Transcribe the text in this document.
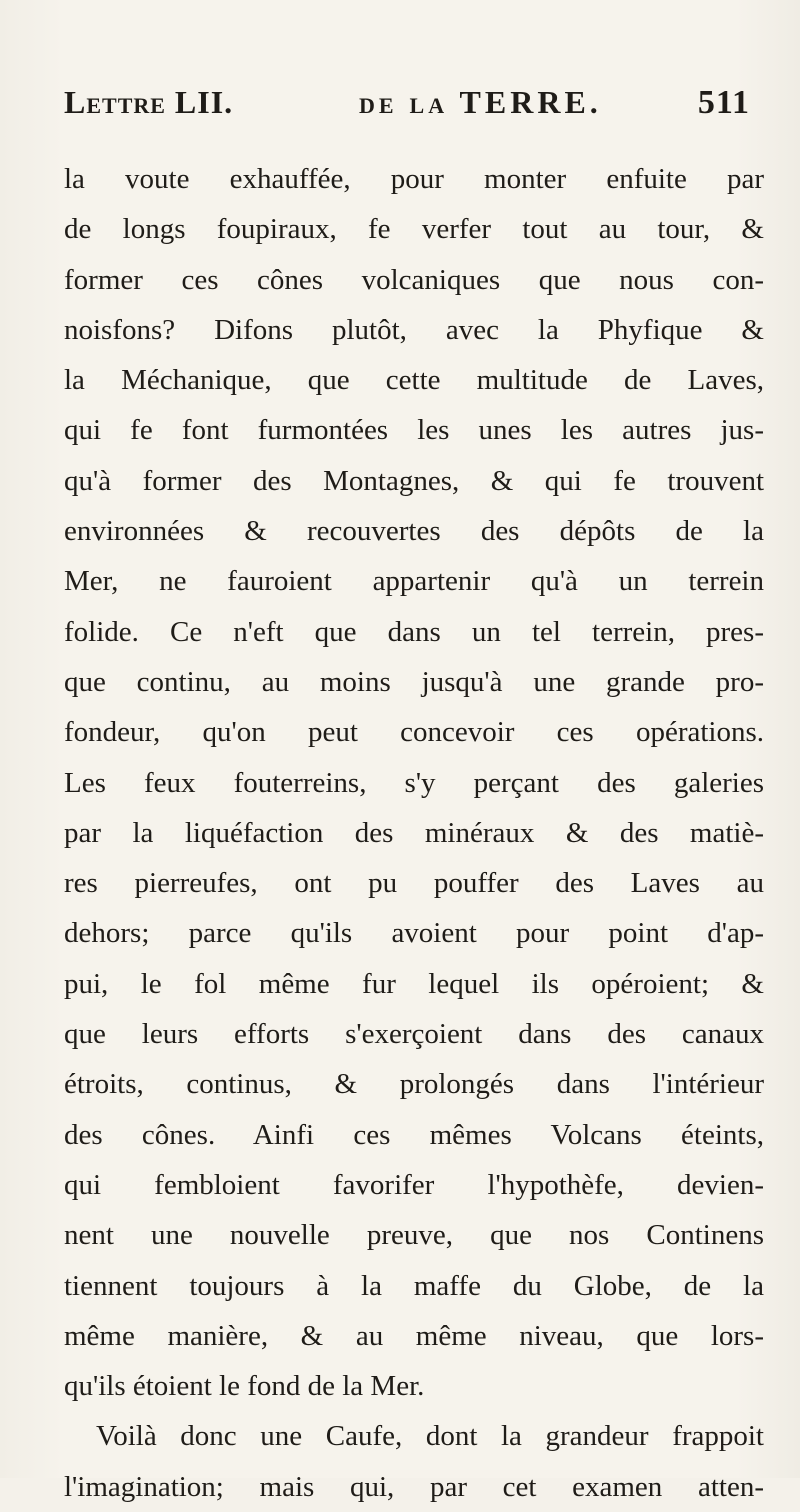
Lettre LII.	de la TERRE.	511
la voute exhauffée, pour monter enfuite par
de longs foupiraux, fe verfer tout au tour, &
former ces cônes volcaniques que nous con-
noisfons? Difons plutôt, avec la Phyfique &
la Méchanique, que cette multitude de Laves,
qui fe font furmontées les unes les autres jus-
qu'à former des Montagnes, & qui fe trouvent
environnées & recouvertes des dépôts de la
Mer, ne fauroient appartenir qu'à un terrein
folide. Ce n'eft que dans un tel terrein, pres-
que continu, au moins jusqu'à une grande pro-
fondeur, qu'on peut concevoir ces opérations.
Les feux fouterreins, s'y perçant des galeries
par la liquéfaction des minéraux & des matiè-
res pierreufes, ont pu pouffer des Laves au
dehors; parce qu'ils avoient pour point d'ap-
pui, le fol même fur lequel ils opéroient; &
que leurs efforts s'exerçoient dans des canaux
étroits, continus, & prolongés dans l'intérieur
des cônes. Ainfi ces mêmes Volcans éteints,
qui fembloient favorifer l'hypothèfe, devien-
nent une nouvelle preuve, que nos Continens
tiennent toujours à la maffe du Globe, de la
même manière, & au même niveau, que lors-
qu'ils étoient le fond de la Mer.
Voilà donc une Caufe, dont la grandeur frappoit
l'imagination; mais qui, par cet examen atten-
